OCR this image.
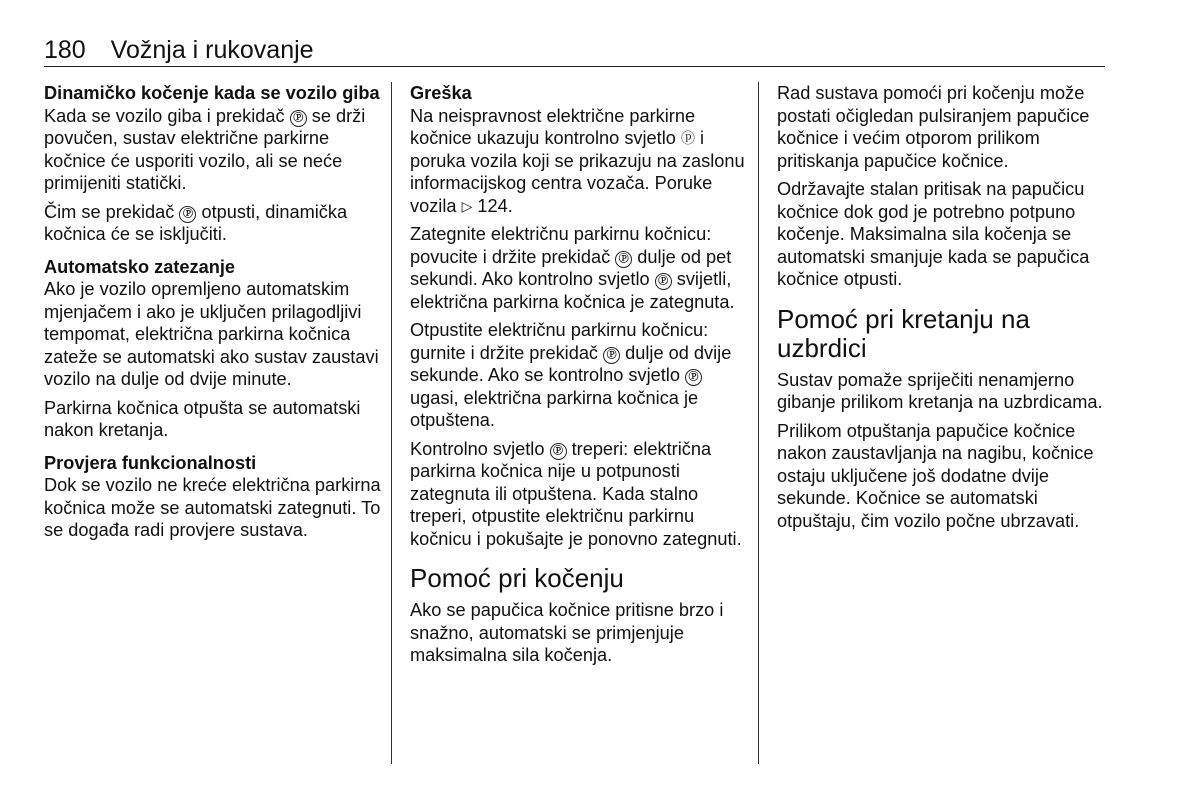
180 Vožnja i rukovanje
Dinamičko kočenje kada se vozilo giba

Kada se vozilo giba i prekidač Ⓟ se drži povučen, sustav električne parkirne kočnice će usporiti vozilo, ali se neće primijeniti statički.

Čim se prekidač Ⓟ otpusti, dinamička kočnica će se isključiti.

Automatsko zatezanje

Ako je vozilo opremljeno automatskim mjenjačem i ako je uključen prilagodljivi tempomat, električna parkirna kočnica zateže se automatski ako sustav zaustavi vozilo na dulje od dvije minute.

Parkirna kočnica otpušta se automatski nakon kretanja.

Provjera funkcionalnosti

Dok se vozilo ne kreće električna parkirna kočnica može se automatski zategnuti. To se događa radi provjere sustava.

Greška

Na neispravnost električne parkirne kočnice ukazuju kontrolno svjetlo ⓟ i poruka vozila koji se prikazuju na zaslonu informacijskog centra vozača. Poruke vozila ▷ 124.

Zategnite električnu parkirnu kočnicu: povucite i držite prekidač Ⓟ dulje od pet sekundi. Ako kontrolno svjetlo Ⓟ svijetli, električna parkirna kočnica je zategnuta.

Otpustite električnu parkirnu kočnicu: gurnite i držite prekidač Ⓟ dulje od dvije sekunde. Ako se kontrolno svjetlo Ⓟ ugasi, električna parkirna kočnica je otpuštena.

Kontrolno svjetlo Ⓟ treperi: električna parkirna kočnica nije u potpunosti zategnuta ili otpuštena. Kada stalno treperi, otpustite električnu parkirnu kočnicu i pokušajte je ponovno zategnuti.

Pomoć pri kočenju

Ako se papučica kočnice pritisne brzo i snažno, automatski se primjenjuje maksimalna sila kočenja.

Rad sustava pomoći pri kočenju može postati očigledan pulsiranjem papučice kočnice i većim otporom prilikom pritiskanja papučice kočnice.

Održavajte stalan pritisak na papučicu kočnice dok god je potrebno potpuno kočenje. Maksimalna sila kočenja se automatski smanjuje kada se papučica kočnice otpusti.

Pomoć pri kretanju na uzbrdici

Sustav pomaže spriječiti nenamjerno gibanje prilikom kretanja na uzbrdicama.

Prilikom otpuštanja papučice kočnice nakon zaustavljanja na nagibu, kočnice ostaju uključene još dodatne dvije sekunde. Kočnice se automatski otpuštaju, čim vozilo počne ubrzavati.
